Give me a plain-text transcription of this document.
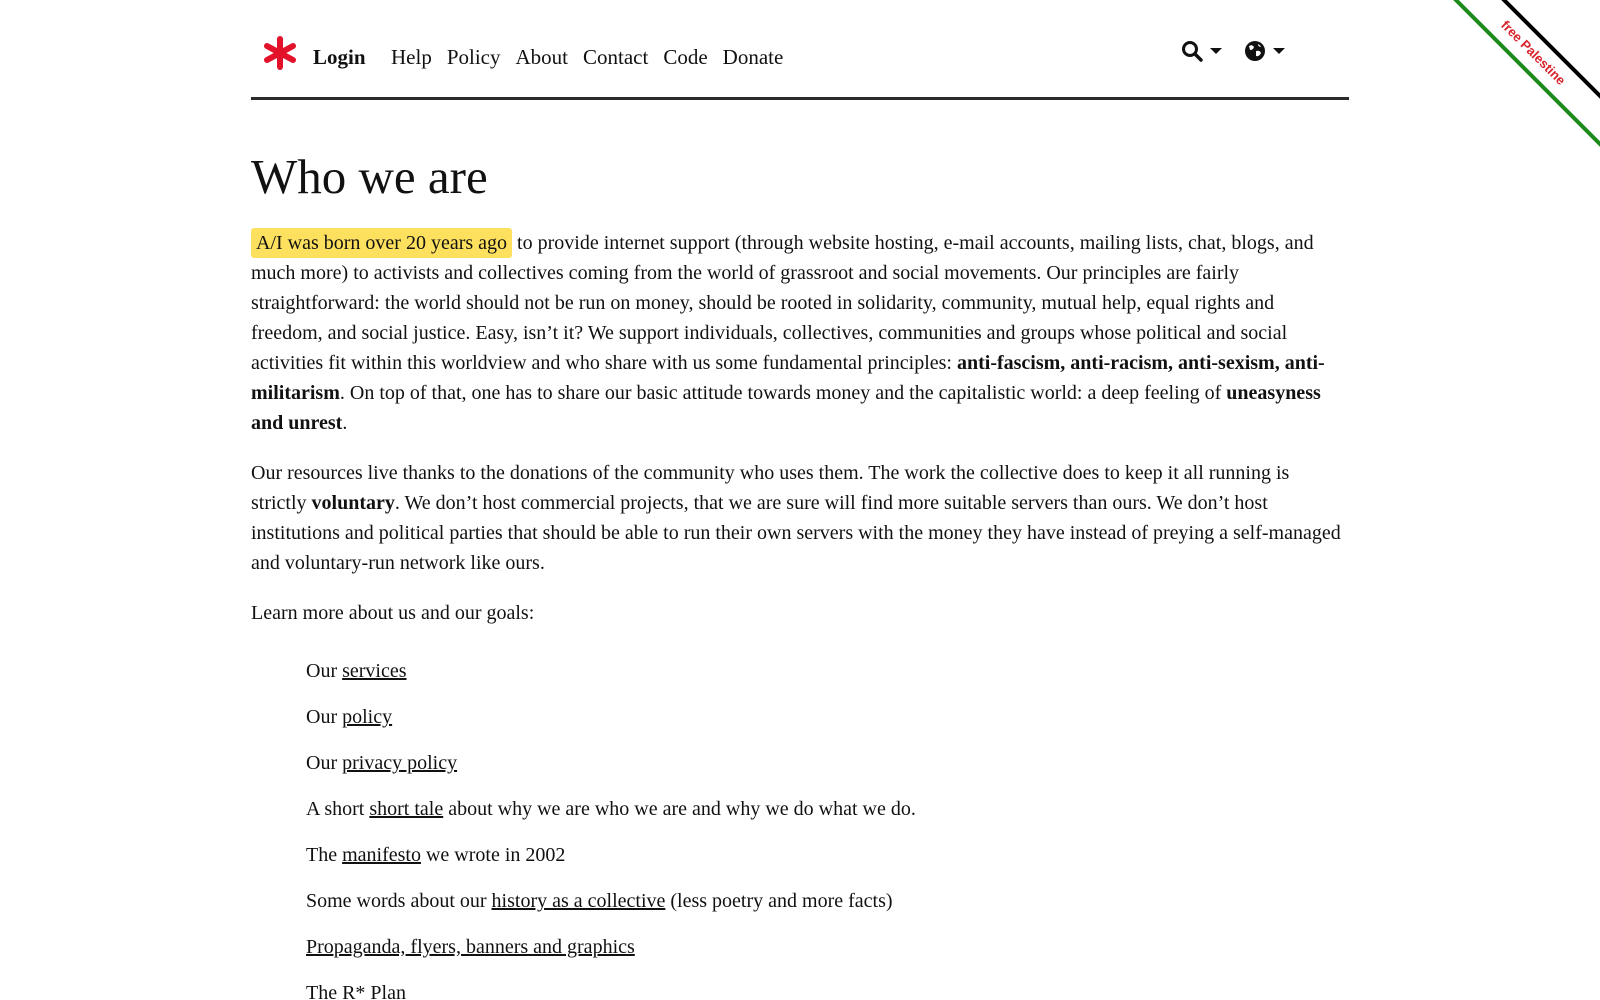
free Palestine
Login Help Policy About Contact Code Donate
Who we are

A/I was born over 20 years ago to provide internet support (through website hosting, e-mail accounts, mailing lists, chat, blogs, and much more) to activists and collectives coming from the world of grassroot and social movements. Our principles are fairly straightforward: the world should not be run on money, should be rooted in solidarity, community, mutual help, equal rights and freedom, and social justice. Easy, isn’t it? We support individuals, collectives, communities and groups whose political and social activities fit within this worldview and who share with us some fundamental principles: anti-fascism, anti-racism, anti-sexism, anti-militarism. On top of that, one has to share our basic attitude towards money and the capitalistic world: a deep feeling of uneasyness and unrest.

Our resources live thanks to the donations of the community who uses them. The work the collective does to keep it all running is strictly voluntary. We don’t host commercial projects, that we are sure will find more suitable servers than ours. We don’t host institutions and political parties that should be able to run their own servers with the money they have instead of preying a self-managed and voluntary-run network like ours.

Learn more about us and our goals:

Our services
Our policy
Our privacy policy
A short short tale about why we are who we are and why we do what we do.
The manifesto we wrote in 2002
Some words about our history as a collective (less poetry and more facts)
Propaganda, flyers, banners and graphics
The R* Plan
